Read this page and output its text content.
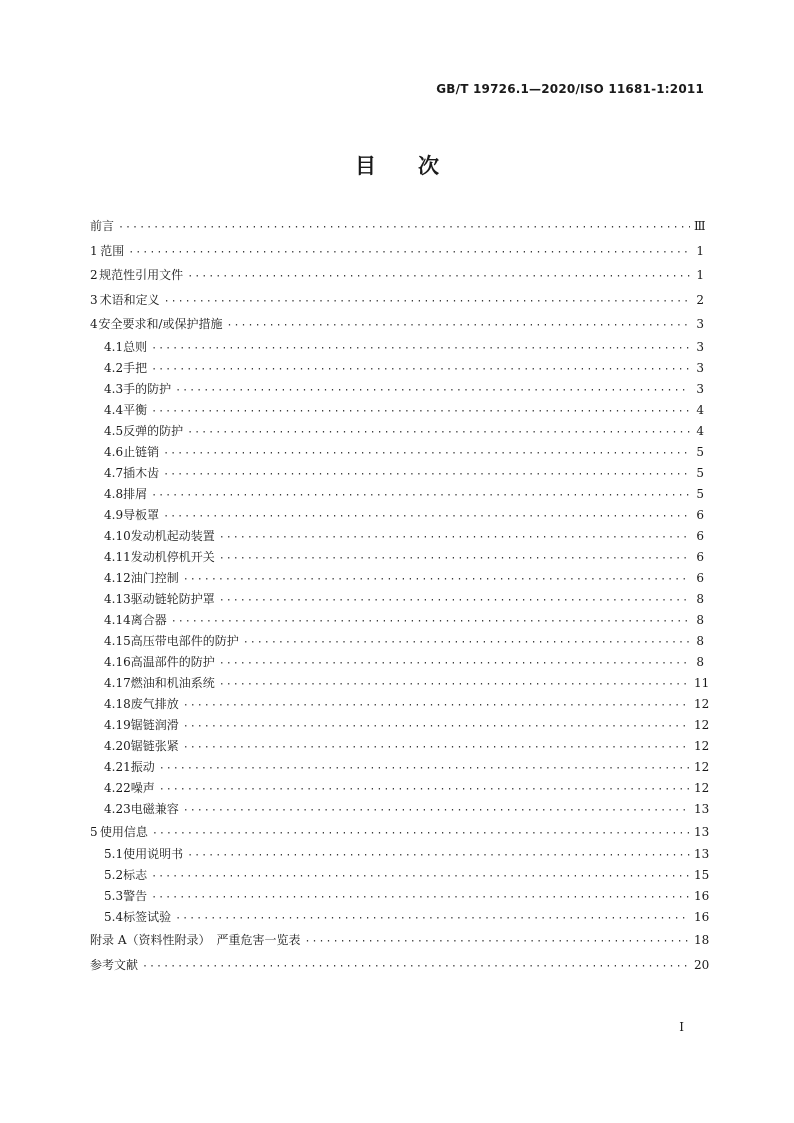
GB/T 19726.1—2020/ISO 11681-1:2011
目　　次
前言 ·····	Ⅲ
1 范围 ·····	1
2 规范性引用文件 ·····	1
3 术语和定义 ·····	2
4 安全要求和/或保护措施 ·····	3
4.1 总则 ·····	3
4.2 手把 ·····	3
4.3 手的防护 ·····	3
4.4 平衡 ·····	4
4.5 反弹的防护 ·····	4
4.6 止链销 ·····	5
4.7 插木齿 ·····	5
4.8 排屑 ·····	5
4.9 导板罩 ·····	6
4.10 发动机起动装置 ·····	6
4.11 发动机停机开关 ·····	6
4.12 油门控制 ·····	6
4.13 驱动链轮防护罩 ·····	8
4.14 离合器 ·····	8
4.15 高压带电部件的防护 ·····	8
4.16 高温部件的防护 ·····	8
4.17 燃油和机油系统 ·····	11
4.18 废气排放 ·····	12
4.19 锯链润滑 ·····	12
4.20 锯链张紧 ·····	12
4.21 振动 ·····	12
4.22 噪声 ·····	12
4.23 电磁兼容 ·····	13
5 使用信息 ·····	13
5.1 使用说明书 ·····	13
5.2 标志 ·····	15
5.3 警告 ·····	16
5.4 标签试验 ·····	16
附录 A（资料性附录）　严重危害一览表 ·····	18
参考文献 ·····	20
I
